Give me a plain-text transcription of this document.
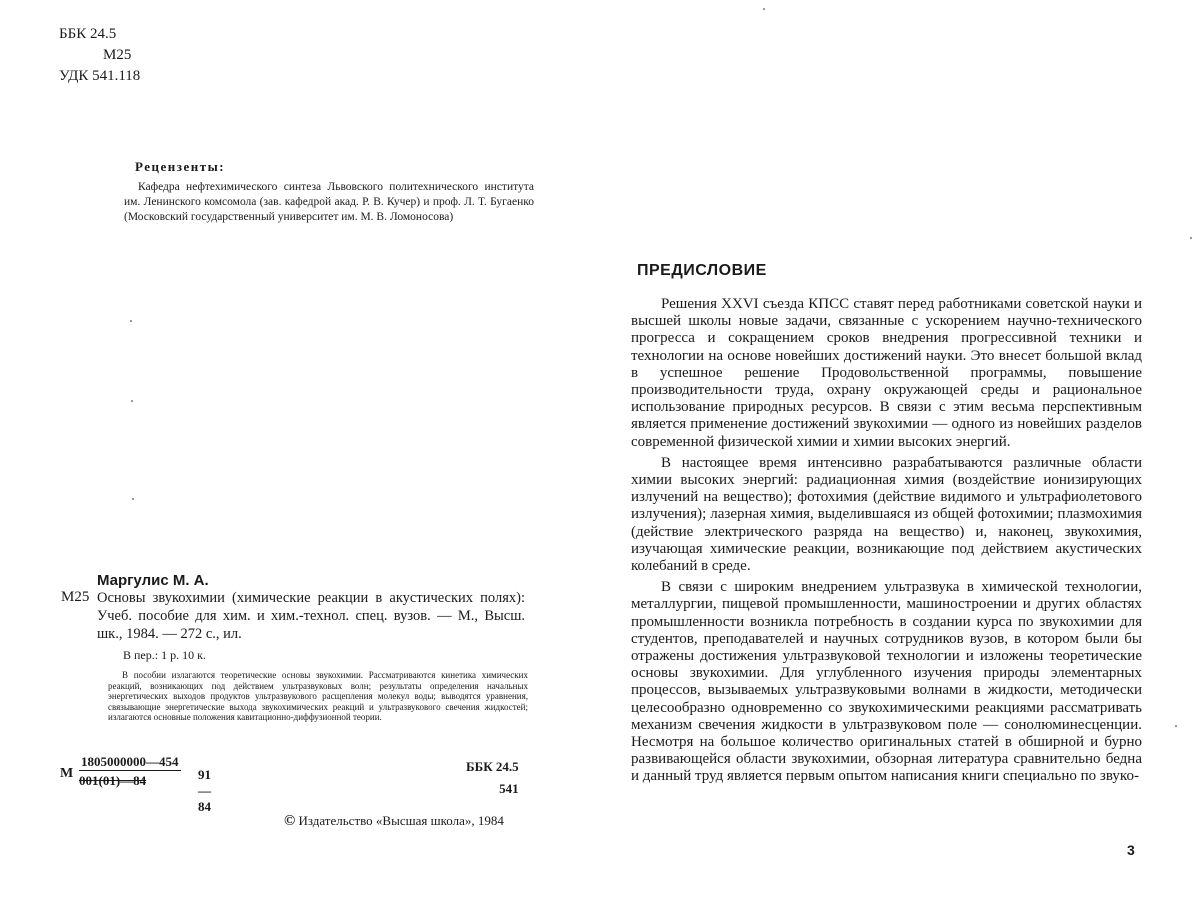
ББК 24.5
М25
УДК 541.118
Рецензенты:
Кафедра нефтехимического синтеза Львовского политехнического института им. Ленинского комсомола (зав. кафедрой акад. Р. В. Кучер) и проф. Л. Т. Бугаенко (Московский государственный университет им. М. В. Ломоносова)
Маргулис М. А.
М25 Основы звукохимии (химические реакции в акустических полях): Учеб. пособие для хим. и хим.-технол. спец. вузов. — М., Высш. шк., 1984. — 272 с., ил.
В пер.: 1 р. 10 к.
В пособии излагаются теоретические основы звукохимии. Рассматриваются кинетика химических реакций, возникающих под действием ультразвуковых волн; результаты определения начальных энергетических выходов продуктов ультразвукового расщепления молекул воды; выводятся уравнения, связывающие энергетические выхода звукохимических реакций и ультразвукового свечения жидкостей; излагаются основные положения кавитационно-диффузионной теории.
М
1805000000—454
001(01)—84	91—84
ББК 24.5
541
© Издательство «Высшая школа», 1984
ПРЕДИСЛОВИЕ

Решения XXVI съезда КПСС ставят перед работниками советской науки и высшей школы новые задачи, связанные с ускорением научно-технического прогресса и сокращением сроков внедрения прогрессивной техники и технологии на основе новейших достижений науки. Это внесет большой вклад в успешное решение Продовольственной программы, повышение производительности труда, охрану окружающей среды и рациональное использование природных ресурсов. В связи с этим весьма перспективным является применение достижений звукохимии — одного из новейших разделов современной физической химии и химии высоких энергий.

В настоящее время интенсивно разрабатываются различные области химии высоких энергий: радиационная химия (воздействие ионизирующих излучений на вещество); фотохимия (действие видимого и ультрафиолетового излучения); лазерная химия, выделившаяся из общей фотохимии; плазмохимия (действие электрического разряда на вещество) и, наконец, звукохимия, изучающая химические реакции, возникающие под действием акустических колебаний в среде.

В связи с широким внедрением ультразвука в химической технологии, металлургии, пищевой промышленности, машиностроении и других областях промышленности возникла потребность в создании курса по звукохимии для студентов, преподавателей и научных сотрудников вузов, в котором были бы отражены достижения ультразвуковой технологии и изложены теоретические основы звукохимии. Для углубленного изучения природы элементарных процессов, вызываемых ультразвуковыми волнами в жидкости, методически целесообразно одновременно со звукохимическими реакциями рассматривать механизм свечения жидкости в ультразвуковом поле — сонолюминесценции. Несмотря на большое количество оригинальных статей в обширной и бурно развивающейся области звукохимии, обзорная литература сравнительно бедна и данный труд является первым опытом написания книги специально по звуко-

3
